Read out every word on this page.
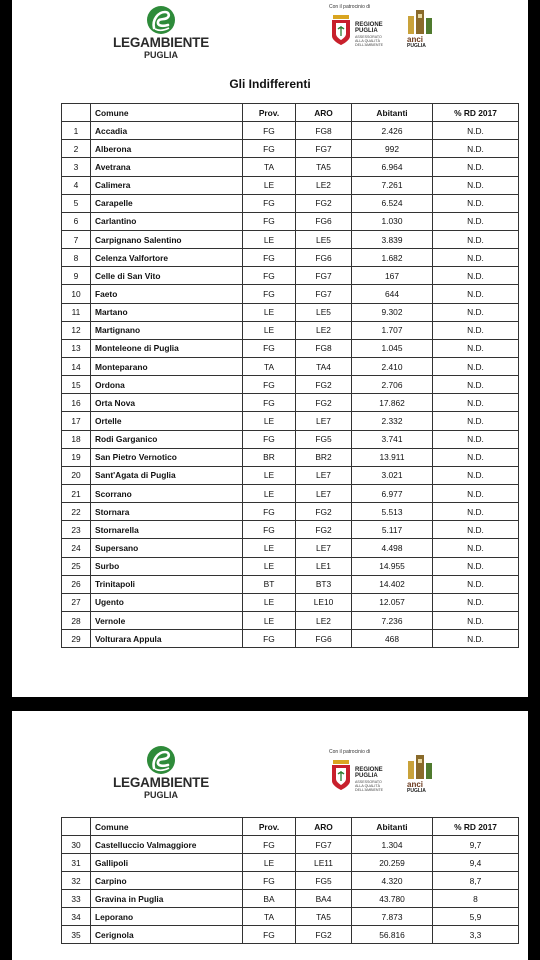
LEGAMBIENTE
PUGLIA
Con il patrocinio di
REGIONE
PUGLIA
ASSESSORATO
ALLA QUALITÀ
DELL'AMBIENTE
anci
PUGLIA
Gli Indifferenti
	Comune	Prov.	ARO	Abitanti	% RD 2017
1	Accadia	FG	FG8	2.426	N.D.
2	Alberona	FG	FG7	992	N.D.
3	Avetrana	TA	TA5	6.964	N.D.
4	Calimera	LE	LE2	7.261	N.D.
5	Carapelle	FG	FG2	6.524	N.D.
6	Carlantino	FG	FG6	1.030	N.D.
7	Carpignano Salentino	LE	LE5	3.839	N.D.
8	Celenza Valfortore	FG	FG6	1.682	N.D.
9	Celle di San Vito	FG	FG7	167	N.D.
10	Faeto	FG	FG7	644	N.D.
11	Martano	LE	LE5	9.302	N.D.
12	Martignano	LE	LE2	1.707	N.D.
13	Monteleone di Puglia	FG	FG8	1.045	N.D.
14	Monteparano	TA	TA4	2.410	N.D.
15	Ordona	FG	FG2	2.706	N.D.
16	Orta Nova	FG	FG2	17.862	N.D.
17	Ortelle	LE	LE7	2.332	N.D.
18	Rodi Garganico	FG	FG5	3.741	N.D.
19	San Pietro Vernotico	BR	BR2	13.911	N.D.
20	Sant'Agata di Puglia	LE	LE7	3.021	N.D.
21	Scorrano	LE	LE7	6.977	N.D.
22	Stornara	FG	FG2	5.513	N.D.
23	Stornarella	FG	FG2	5.117	N.D.
24	Supersano	LE	LE7	4.498	N.D.
25	Surbo	LE	LE1	14.955	N.D.
26	Trinitapoli	BT	BT3	14.402	N.D.
27	Ugento	LE	LE10	12.057	N.D.
28	Vernole	LE	LE2	7.236	N.D.
29	Volturara Appula	FG	FG6	468	N.D.
LEGAMBIENTE
PUGLIA
Con il patrocinio di
REGIONE
PUGLIA
ASSESSORATO
ALLA QUALITÀ
DELL'AMBIENTE
anci
PUGLIA
	Comune	Prov.	ARO	Abitanti	% RD 2017
30	Castelluccio Valmaggiore	FG	FG7	1.304	9,7
31	Gallipoli	LE	LE11	20.259	9,4
32	Carpino	FG	FG5	4.320	8,7
33	Gravina in Puglia	BA	BA4	43.780	8
34	Leporano	TA	TA5	7.873	5,9
35	Cerignola	FG	FG2	56.816	3,3
